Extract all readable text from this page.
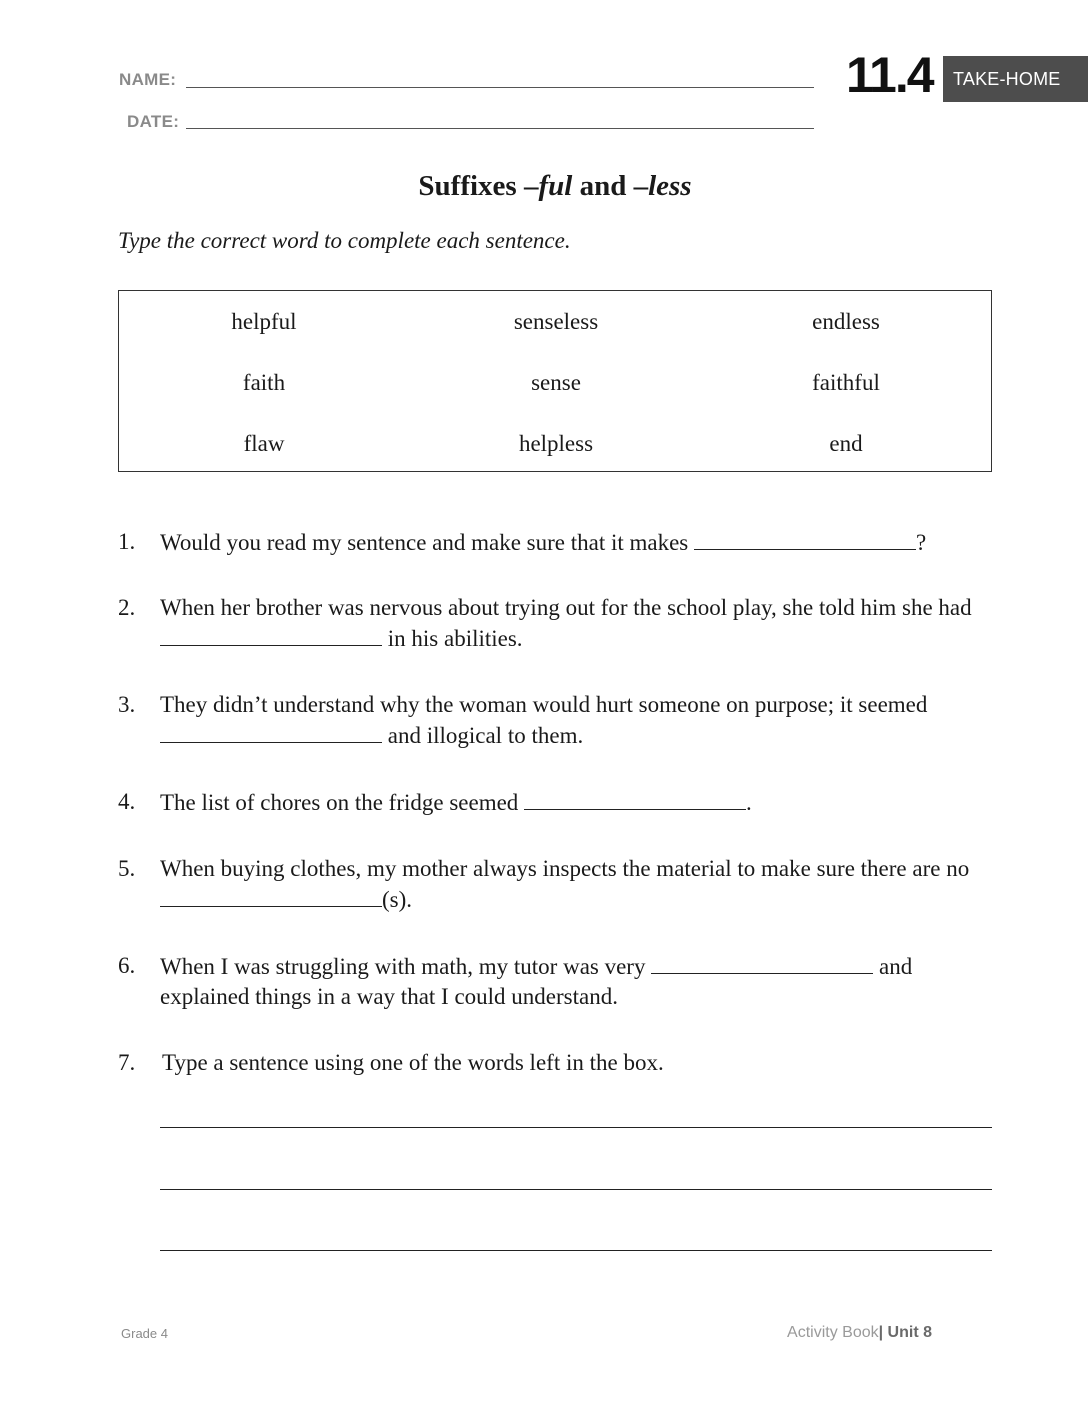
NAME:
DATE:
11.4 TAKE-HOME
Suffixes –ful and –less
Type the correct word to complete each sentence.
helpful	senseless	endless
faith	sense	faithful
flaw	helpless	end
1. Would you read my sentence and make sure that it makes	?
2. When her brother was nervous about trying out for the school play, she told him she had  in his abilities.
3. They didn’t understand why the woman would hurt someone on purpose; it seemed  and illogical to them.
4. The list of chores on the fridge seemed	.
5. When buying clothes, my mother always inspects the material to make sure there are no (s).
6. When I was struggling with math, my tutor was very	and explained things in a way that I could understand.
7. Type a sentence using one of the words left in the box.
Grade 4	Activity Book| Unit 8
